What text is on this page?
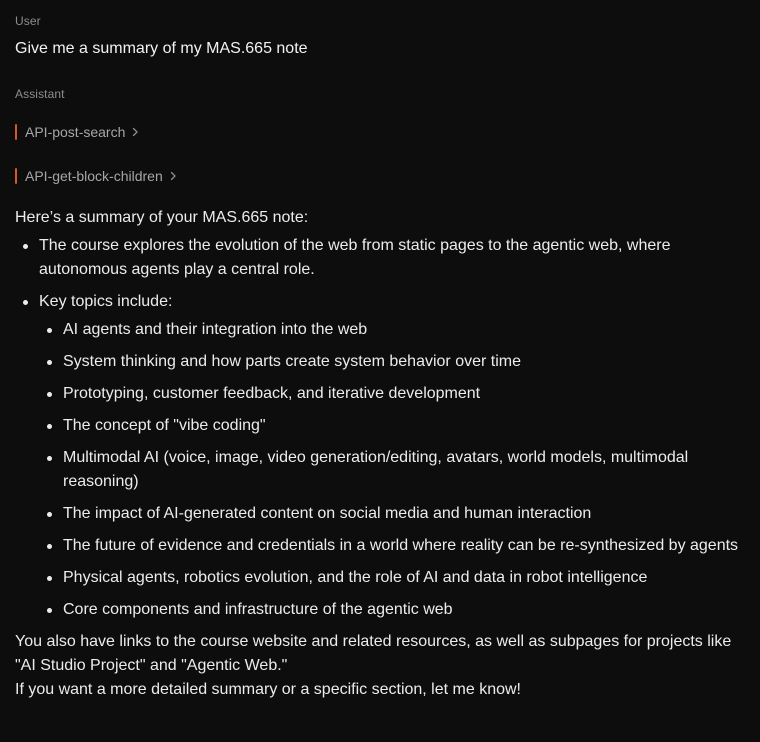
User
Give me a summary of my MAS.665 note
Assistant
API-post-search
API-get-block-children

Here’s a summary of your MAS.665 note:

The course explores the evolution of the web from static pages to the agentic web, where autonomous agents play a central role.
Key topics include:
AI agents and their integration into the web
System thinking and how parts create system behavior over time
Prototyping, customer feedback, and iterative development
The concept of "vibe coding"
Multimodal AI (voice, image, video generation/editing, avatars, world models, multimodal reasoning)
The impact of AI-generated content on social media and human interaction
The future of evidence and credentials in a world where reality can be re-synthesized by agents
Physical agents, robotics evolution, and the role of AI and data in robot intelligence
Core components and infrastructure of the agentic web

You also have links to the course website and related resources, as well as subpages for projects like "AI Studio Project" and "Agentic Web."

If you want a more detailed summary or a specific section, let me know!
